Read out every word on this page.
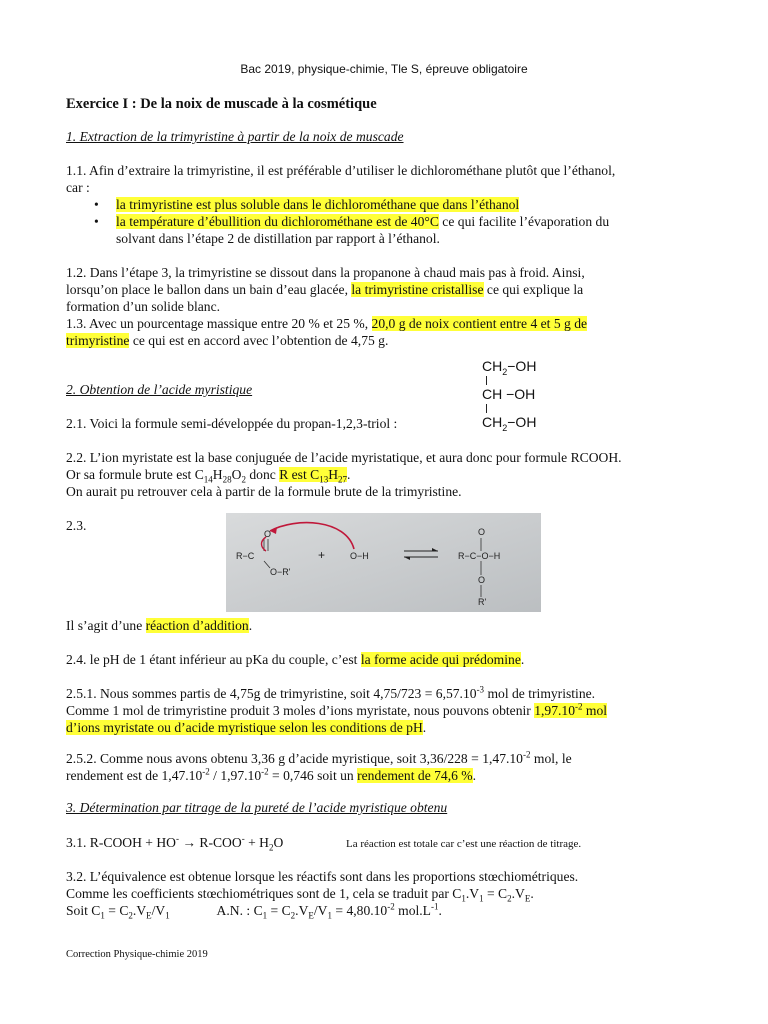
Bac 2019, physique-chimie, Tle S, épreuve obligatoire
Exercice I : De la noix de muscade à la cosmétique
1. Extraction de la trimyristine à partir de la noix de muscade
1.1. Afin d’extraire la trimyristine, il est préférable d’utiliser le dichlorométhane plutôt que l’éthanol,
car :
• la trimyristine est plus soluble dans le dichlorométhane que dans l’éthanol
• la température d’ébullition du dichlorométhane est de 40°C ce qui facilite l’évaporation du
solvant dans l’étape 2 de distillation par rapport à l’éthanol.
1.2. Dans l’étape 3, la trimyristine se dissout dans la propanone à chaud mais pas à froid. Ainsi,
lorsqu’on place le ballon dans un bain d’eau glacée, la trimyristine cristallise ce qui explique la
formation d’un solide blanc.
1.3. Avec un pourcentage massique entre 20 % et 25 %, 20,0 g de noix contient entre 4 et 5 g de
trimyristine ce qui est en accord avec l’obtention de 4,75 g.
$CH_2-OH$
CH −OH
$CH_2-OH$
2. Obtention de l’acide myristique
2.1. Voici la formule semi-développée du propan-1,2,3-triol :
2.2. L’ion myristate est la base conjuguée de l’acide myristatique, et aura donc pour formule RCOOH.
Or sa formule brute est $C_{14}H_{28}O_2$ donc R est $C_{13}H_{27}$.
On aurait pu retrouver cela à partir de la formule brute de la trimyristine.
2.3.
R−C
O
O−R'
+	O−H	R−C−O−H
O
O
R'
Il s’agit d’une réaction d’addition.
2.4. le pH de 1 étant inférieur au pKa du couple, c’est la forme acide qui prédomine.
2.5.1. Nous sommes partis de 4,75g de trimyristine, soit $4,75/723 = 6,57.10^{-3}$ mol de trimyristine.
Comme 1 mol de trimyristine produit 3 moles d’ions myristate, nous pouvons obtenir $1,97.10^{-2}$ mol
d’ions myristate ou d’acide myristique selon les conditions de pH.
2.5.2. Comme nous avons obtenu 3,36 g d’acide myristique, soit $3,36/228 = 1,47.10^{-2}$ mol, le
rendement est de $1,47.10^{-2} / 1,97.10^{-2} = 0,746$ soit un rendement de 74,6 %.
3. Détermination par titrage de la pureté de l’acide myristique obtenu
3.1. R-COOH + $HO^- \to R-COO^- + H_2O$	La réaction est totale car c’est une réaction de titrage.
3.2. L’équivalence est obtenue lorsque les réactifs sont dans les proportions stœchiométriques.
Comme les coefficients stœchiométriques sont de 1, cela se traduit par $C_1.V_1 = C_2.V_E$.
Soit $C_1 = C_2.V_E/V_1$              A.N. : $C_1 = C_2.V_E/V_1 = 4,80.10^{-2}$ $mol.L^{-1}$.
Correction Physique-chimie 2019
